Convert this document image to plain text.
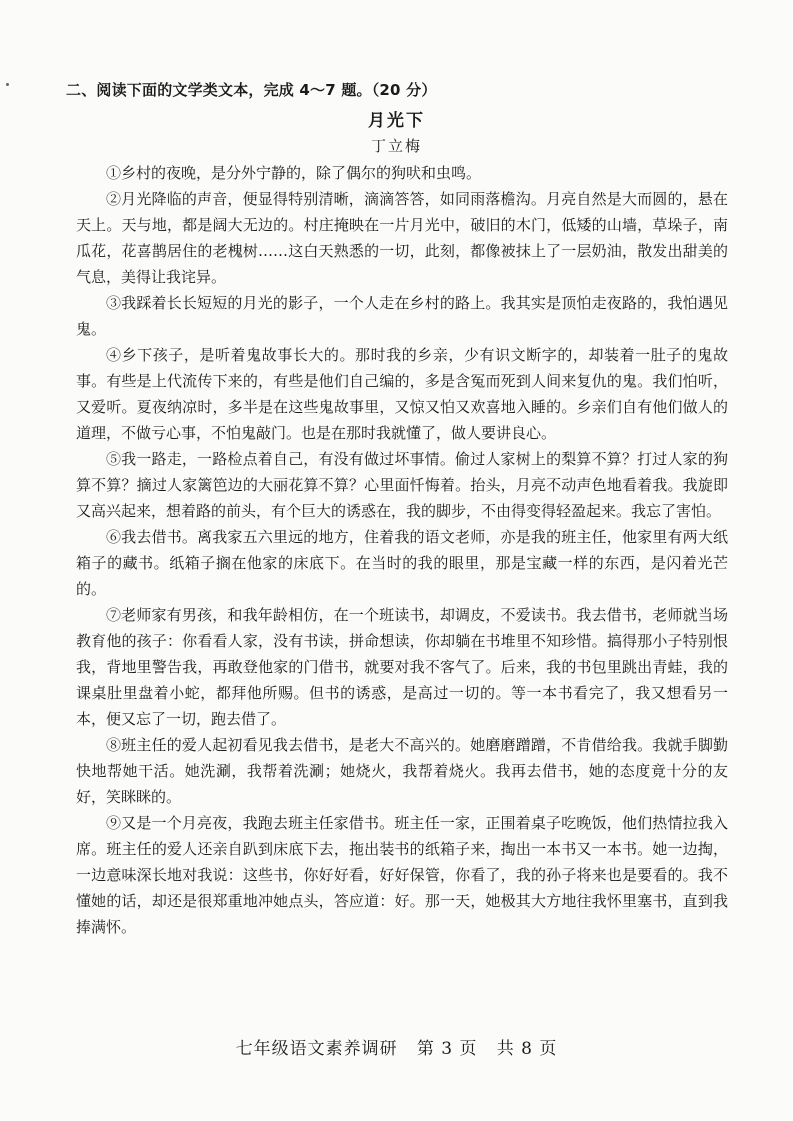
二、阅读下面的文学类文本，完成 4～7 题。（20 分）
月光下
丁立梅

①乡村的夜晚，是分外宁静的，除了偶尔的狗吠和虫鸣。

②月光降临的声音，便显得特别清晰，滴滴答答，如同雨落檐沟。月亮自然是大而圆的，悬在天上。天与地，都是阔大无边的。村庄掩映在一片月光中，破旧的木门，低矮的山墙，草垛子，南瓜花，花喜鹊居住的老槐树……这白天熟悉的一切，此刻，都像被抹上了一层奶油，散发出甜美的气息，美得让我诧异。

③我踩着长长短短的月光的影子，一个人走在乡村的路上。我其实是顶怕走夜路的，我怕遇见鬼。

④乡下孩子，是听着鬼故事长大的。那时我的乡亲，少有识文断字的，却装着一肚子的鬼故事。有些是上代流传下来的，有些是他们自己编的，多是含冤而死到人间来复仇的鬼。我们怕听，又爱听。夏夜纳凉时，多半是在这些鬼故事里，又惊又怕又欢喜地入睡的。乡亲们自有他们做人的道理，不做亏心事，不怕鬼敲门。也是在那时我就懂了，做人要讲良心。

⑤我一路走，一路检点着自己，有没有做过坏事情。偷过人家树上的梨算不算？打过人家的狗算不算？摘过人家篱笆边的大丽花算不算？心里面忏悔着。抬头，月亮不动声色地看着我。我旋即又高兴起来，想着路的前头，有个巨大的诱惑在，我的脚步，不由得变得轻盈起来。我忘了害怕。

⑥我去借书。离我家五六里远的地方，住着我的语文老师，亦是我的班主任，他家里有两大纸箱子的藏书。纸箱子搁在他家的床底下。在当时的我的眼里，那是宝藏一样的东西，是闪着光芒的。

⑦老师家有男孩，和我年龄相仿，在一个班读书，却调皮，不爱读书。我去借书，老师就当场教育他的孩子：你看看人家，没有书读，拼命想读，你却躺在书堆里不知珍惜。搞得那小子特别恨我，背地里警告我，再敢登他家的门借书，就要对我不客气了。后来，我的书包里跳出青蛙，我的课桌肚里盘着小蛇，都拜他所赐。但书的诱惑，是高过一切的。等一本书看完了，我又想看另一本，便又忘了一切，跑去借了。

⑧班主任的爱人起初看见我去借书，是老大不高兴的。她磨磨蹭蹭，不肯借给我。我就手脚勤快地帮她干活。她洗涮，我帮着洗涮；她烧火，我帮着烧火。我再去借书，她的态度竟十分的友好，笑眯眯的。

⑨又是一个月亮夜，我跑去班主任家借书。班主任一家，正围着桌子吃晚饭，他们热情拉我入席。班主任的爱人还亲自趴到床底下去，拖出装书的纸箱子来，掏出一本书又一本书。她一边掏，一边意味深长地对我说：这些书，你好好看，好好保管，你看了，我的孙子将来也是要看的。我不懂她的话，却还是很郑重地冲她点头，答应道：好。那一天，她极其大方地往我怀里塞书，直到我捧满怀。

七年级语文素养调研   第 3 页   共 8 页
